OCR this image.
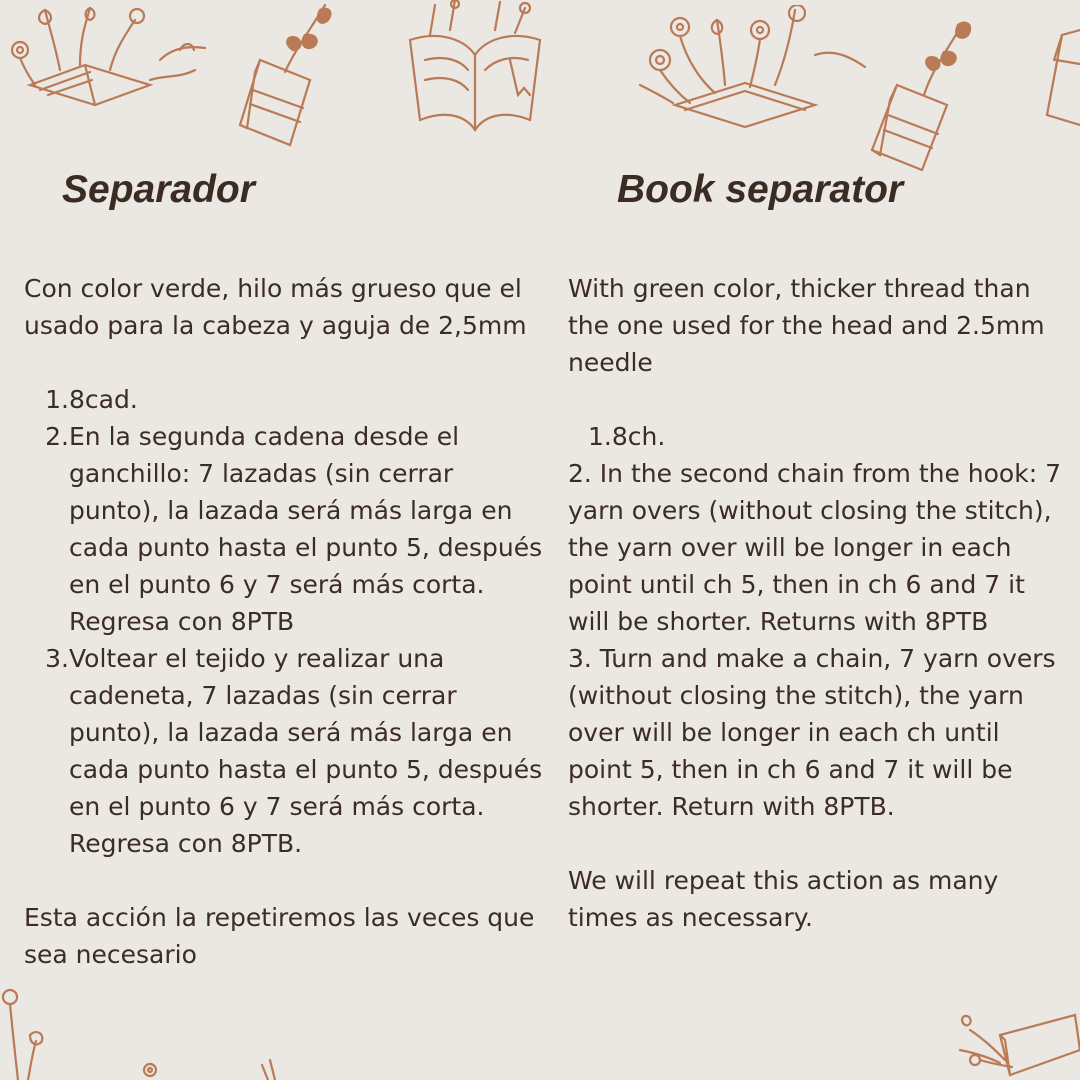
Separador

Con color verde, hilo más grueso que el usado para la cabeza y aguja de 2,5mm

1. 8cad.
2. En la segunda cadena desde el ganchillo: 7 lazadas (sin cerrar punto), la lazada será más larga en cada punto hasta el punto 5, después en el punto 6 y 7 será más corta. Regresa con 8PTB
3. Voltear el tejido y realizar una cadeneta, 7 lazadas (sin cerrar punto), la lazada será más larga en cada punto hasta el punto 5, después en el punto 6 y 7 será más corta. Regresa con 8PTB.

Esta acción la repetiremos las veces que sea necesario

Book separator

With green color, thicker thread than the one used for the head and 2.5mm needle

1.8ch.

2. In the second chain from the hook: 7 yarn overs (without closing the stitch), the yarn over will be longer in each point until ch 5, then in ch 6 and 7 it will be shorter. Returns with 8PTB

3. Turn and make a chain, 7 yarn overs (without closing the stitch), the yarn over will be longer in each ch until point 5, then in ch 6 and 7 it will be shorter. Return with 8PTB.

We will repeat this action as many times as necessary.
